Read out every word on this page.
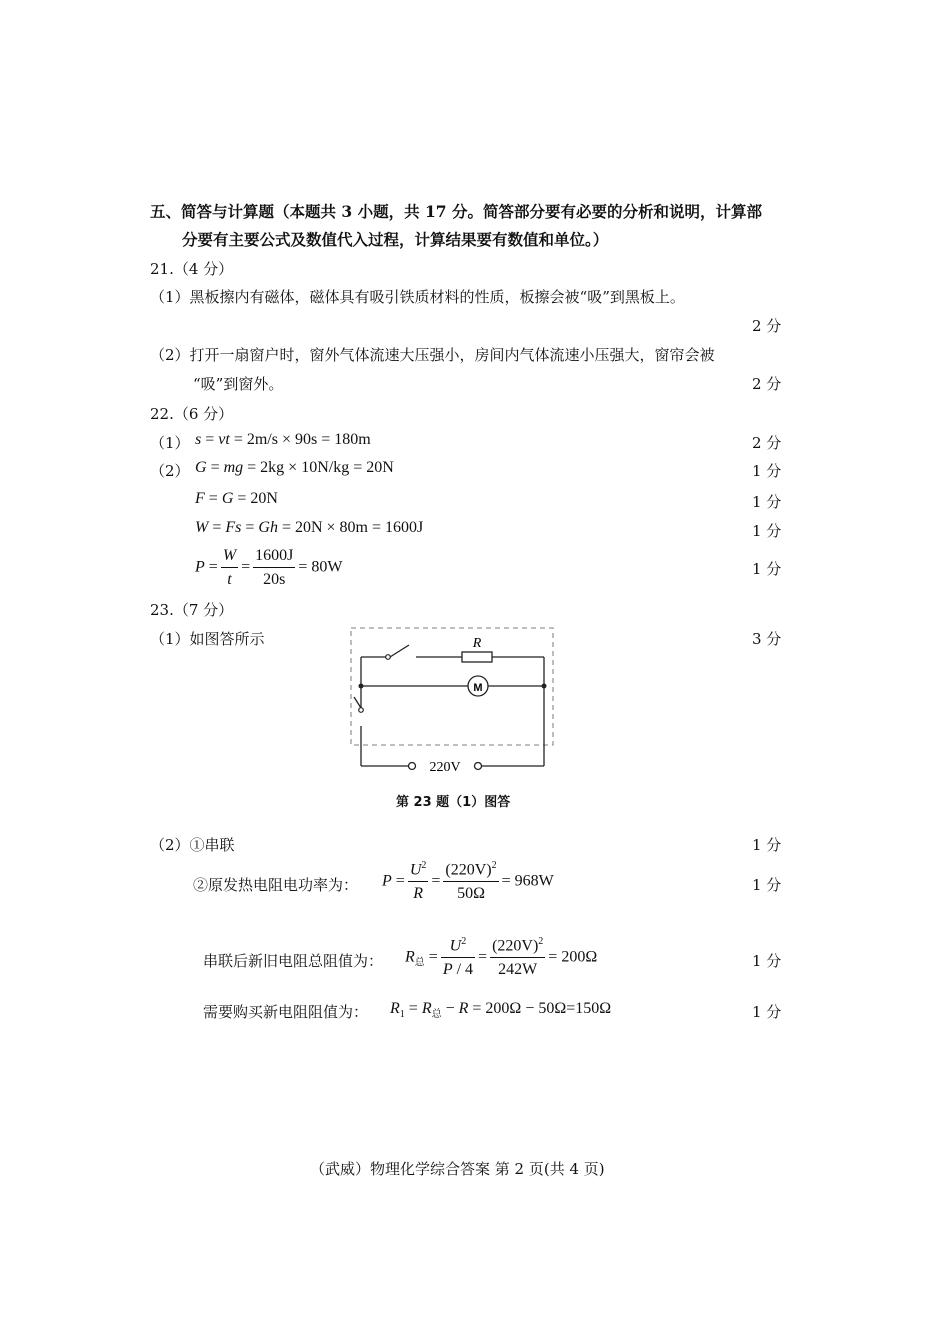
五、简答与计算题（本题共 3 小题，共 17 分。简答部分要有必要的分析和说明，计算部
分要有主要公式及数值代入过程，计算结果要有数值和单位。）
21.（4 分）
（1）黑板擦内有磁体，磁体具有吸引铁质材料的性质，板擦会被“吸”到黑板上。
2 分
（2）打开一扇窗户时，窗外气体流速大压强小，房间内气体流速小压强大，窗帘会被
“吸”到窗外。	2 分
22.（6 分）
（1） s = vt = 2m/s × 90s = 180m	2 分
（2） G = mg = 2kg × 10N/kg = 20N	1 分
F = G = 20N	1 分
W = Fs = Gh = 20N × 80m = 1600J	1 分
$P = \frac{W}{t} = \frac{1600J}{20s} = 80W$	1 分
23.（7 分）
（1）如图答所示	3 分
R
M
220V
第 23 题（1）图答
（2）①串联	1 分
②原发热电阻电功率为： $P = \frac{U^2}{R} = \frac{(220V)^2}{50\Omega} = 968W$	1 分
串联后新旧电阻总阻值为： $R_总 = \frac{U^2}{P / 4} = \frac{(220V)^2}{242W} = 200\Omega$	1 分
需要购买新电阻阻值为： $R_1 = R_总 - R = 200\Omega - 50\Omega=150\Omega$	1 分
（武威）物理化学综合答案 第 2 页(共 4 页)
